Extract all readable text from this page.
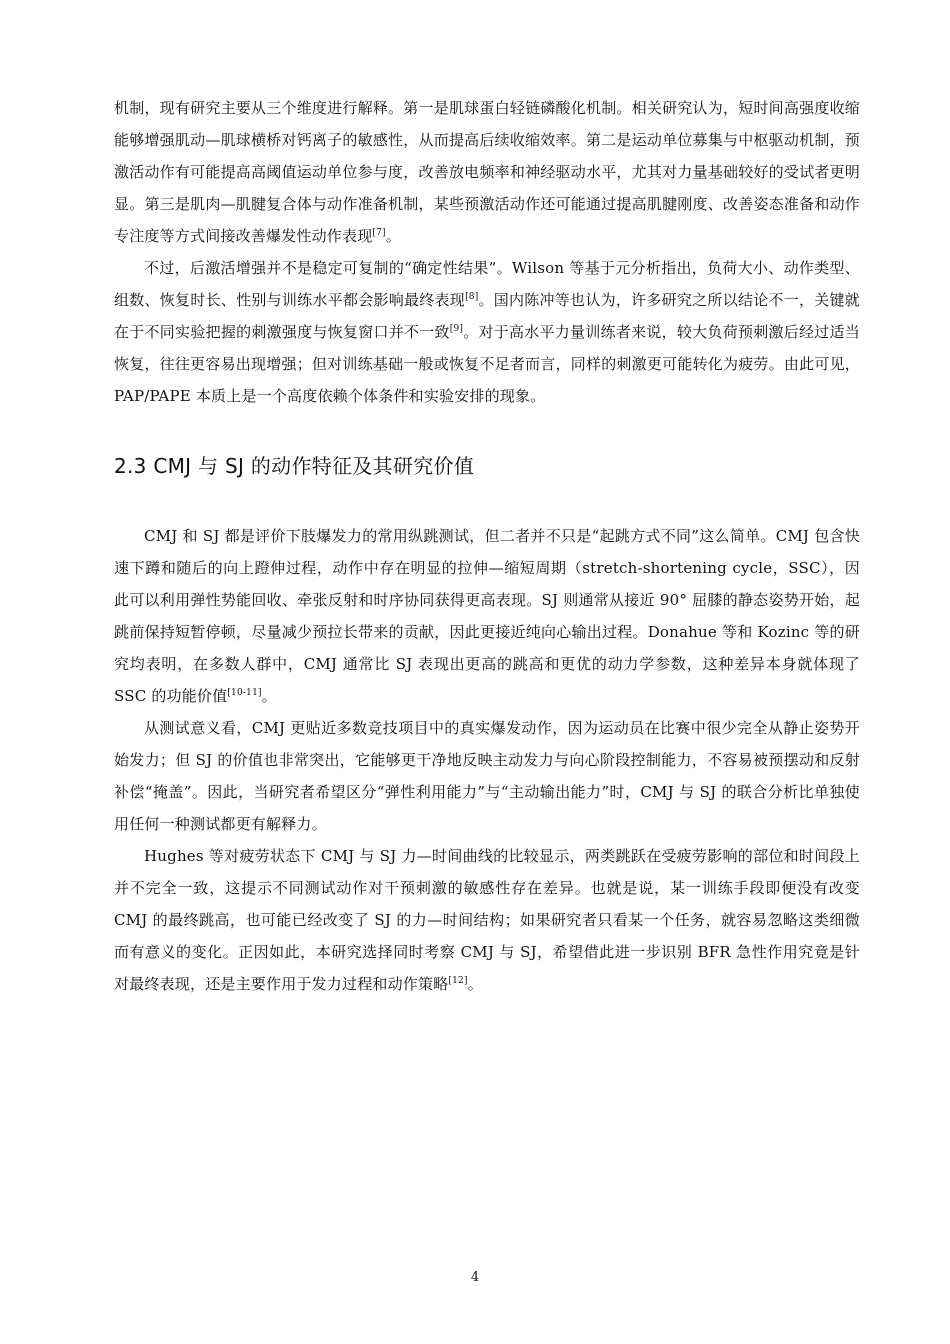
机制，现有研究主要从三个维度进行解释。第一是肌球蛋白轻链磷酸化机制。相关研究认为，短时间高强度收缩能够增强肌动—肌球横桥对钙离子的敏感性，从而提高后续收缩效率。第二是运动单位募集与中枢驱动机制，预激活动作有可能提高高阈值运动单位参与度，改善放电频率和神经驱动水平，尤其对力量基础较好的受试者更明显。第三是肌肉—肌腱复合体与动作准备机制，某些预激活动作还可能通过提高肌腱刚度、改善姿态准备和动作专注度等方式间接改善爆发性动作表现[7]。

不过，后激活增强并不是稳定可复制的“确定性结果”。Wilson 等基于元分析指出，负荷大小、动作类型、组数、恢复时长、性别与训练水平都会影响最终表现[8]。国内陈冲等也认为，许多研究之所以结论不一，关键就在于不同实验把握的刺激强度与恢复窗口并不一致[9]。对于高水平力量训练者来说，较大负荷预刺激后经过适当恢复，往往更容易出现增强；但对训练基础一般或恢复不足者而言，同样的刺激更可能转化为疲劳。由此可见，PAP/PAPE 本质上是一个高度依赖个体条件和实验安排的现象。

2.3 CMJ 与 SJ 的动作特征及其研究价值

CMJ 和 SJ 都是评价下肢爆发力的常用纵跳测试，但二者并不只是“起跳方式不同”这么简单。CMJ 包含快速下蹲和随后的向上蹬伸过程，动作中存在明显的拉伸—缩短周期（stretch-shortening cycle，SSC），因此可以利用弹性势能回收、牵张反射和时序协同获得更高表现。SJ 则通常从接近 90° 屈膝的静态姿势开始，起跳前保持短暂停顿，尽量减少预拉长带来的贡献，因此更接近纯向心输出过程。Donahue 等和 Kozinc 等的研究均表明，在多数人群中，CMJ 通常比 SJ 表现出更高的跳高和更优的动力学参数，这种差异本身就体现了 SSC 的功能价值[10-11]。

从测试意义看，CMJ 更贴近多数竞技项目中的真实爆发动作，因为运动员在比赛中很少完全从静止姿势开始发力；但 SJ 的价值也非常突出，它能够更干净地反映主动发力与向心阶段控制能力，不容易被预摆动和反射补偿“掩盖”。因此，当研究者希望区分“弹性利用能力”与“主动输出能力”时，CMJ 与 SJ 的联合分析比单独使用任何一种测试都更有解释力。

Hughes 等对疲劳状态下 CMJ 与 SJ 力—时间曲线的比较显示，两类跳跃在受疲劳影响的部位和时间段上并不完全一致，这提示不同测试动作对干预刺激的敏感性存在差异。也就是说，某一训练手段即便没有改变 CMJ 的最终跳高，也可能已经改变了 SJ 的力—时间结构；如果研究者只看某一个任务，就容易忽略这类细微而有意义的变化。正因如此，本研究选择同时考察 CMJ 与 SJ，希望借此进一步识别 BFR 急性作用究竟是针对最终表现，还是主要作用于发力过程和动作策略[12]。

4
